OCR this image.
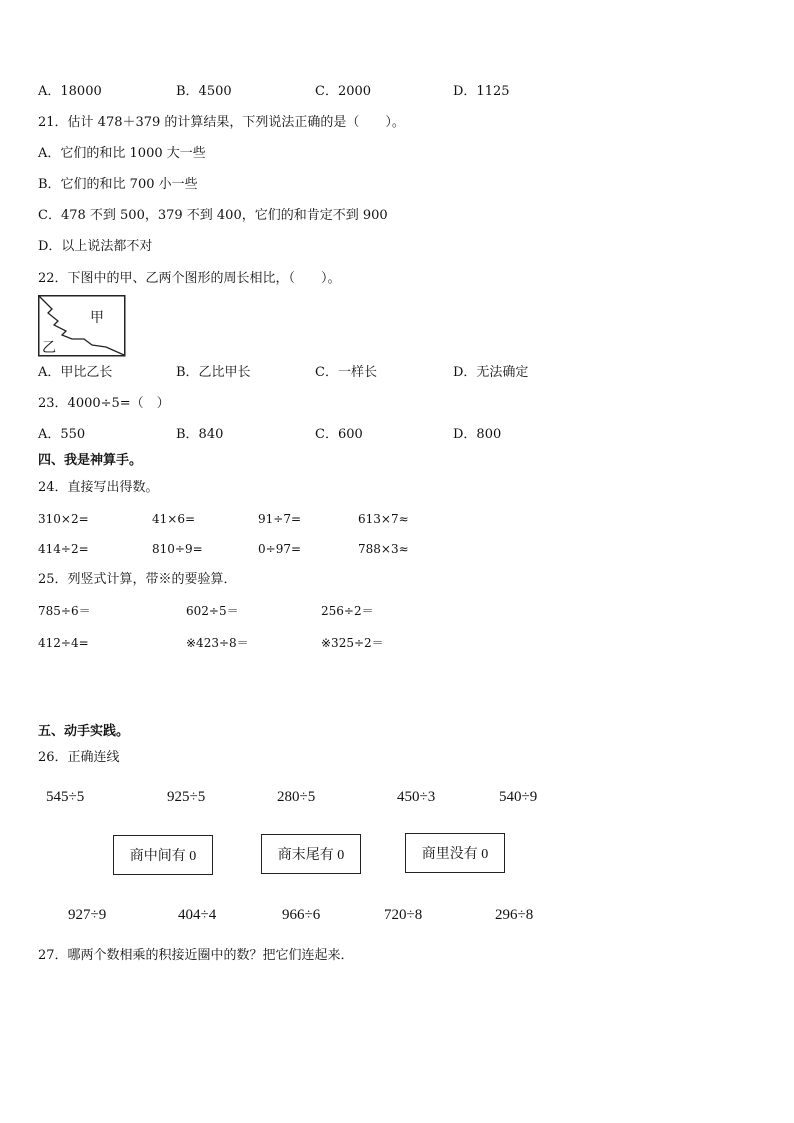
A．18000	B．4500	C．2000	D．1125
21．估计 478＋379 的计算结果，下列说法正确的是（　　）。
A．它们的和比 1000 大一些
B．它们的和比 700 小一些
C．478 不到 500，379 不到 400，它们的和肯定不到 900
D．以上说法都不对
22．下图中的甲、乙两个图形的周长相比，（　　）。
甲
乙
A．甲比乙长	B．乙比甲长	C．一样长	D．无法确定
23．4000÷5=（　）
A．550	B．840	C．600	D．800
四、我是神算手。
24．直接写出得数。
310×2=	41×6=	91÷7=	613×7≈
414÷2=	810÷9=	0÷97=	788×3≈
25．列竖式计算，带※的要验算．
785÷6＝	602÷5＝	256÷2＝
412÷4=	※423÷8＝	※325÷2＝
五、动手实践。
26．正确连线
545÷5	925÷5	280÷5	450÷3	540÷9
商中间有 0	商末尾有 0	商里没有 0
927÷9	404÷4	966÷6	720÷8	296÷8
27．哪两个数相乘的积接近圈中的数？把它们连起来．
